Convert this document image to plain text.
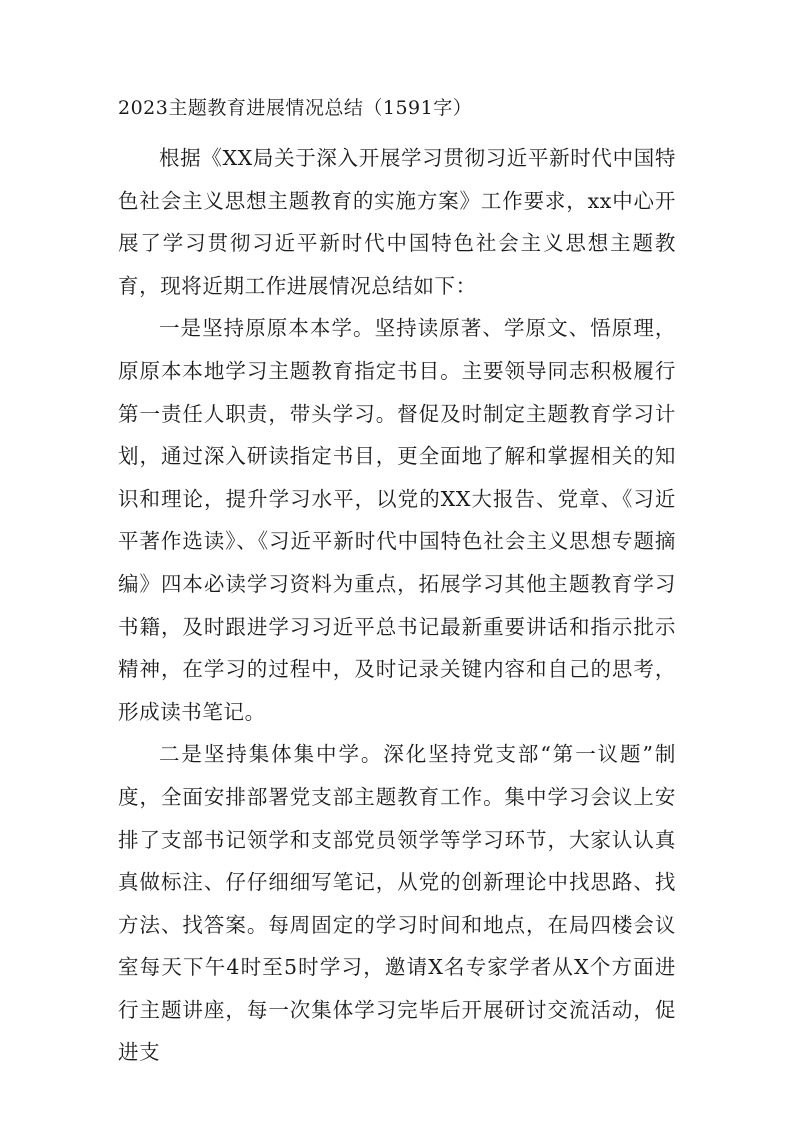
2023主题教育进展情况总结（1591字）

根据《XX局关于深入开展学习贯彻习近平新时代中国特色社会主义思想主题教育的实施方案》工作要求，xx中心开展了学习贯彻习近平新时代中国特色社会主义思想主题教育，现将近期工作进展情况总结如下：

一是坚持原原本本学。坚持读原著、学原文、悟原理，原原本本地学习主题教育指定书目。主要领导同志积极履行第一责任人职责，带头学习。督促及时制定主题教育学习计划，通过深入研读指定书目，更全面地了解和掌握相关的知识和理论，提升学习水平，以党的XX大报告、党章、《习近平著作选读》、《习近平新时代中国特色社会主义思想专题摘编》四本必读学习资料为重点，拓展学习其他主题教育学习书籍，及时跟进学习习近平总书记最新重要讲话和指示批示精神，在学习的过程中，及时记录关键内容和自己的思考，形成读书笔记。

二是坚持集体集中学。深化坚持党支部“第一议题”制度，全面安排部署党支部主题教育工作。集中学习会议上安排了支部书记领学和支部党员领学等学习环节，大家认认真真做标注、仔仔细细写笔记，从党的创新理论中找思路、找方法、找答案。每周固定的学习时间和地点，在局四楼会议室每天下午4时至5时学习，邀请X名专家学者从X个方面进行主题讲座，每一次集体学习完毕后开展研讨交流活动，促进支
